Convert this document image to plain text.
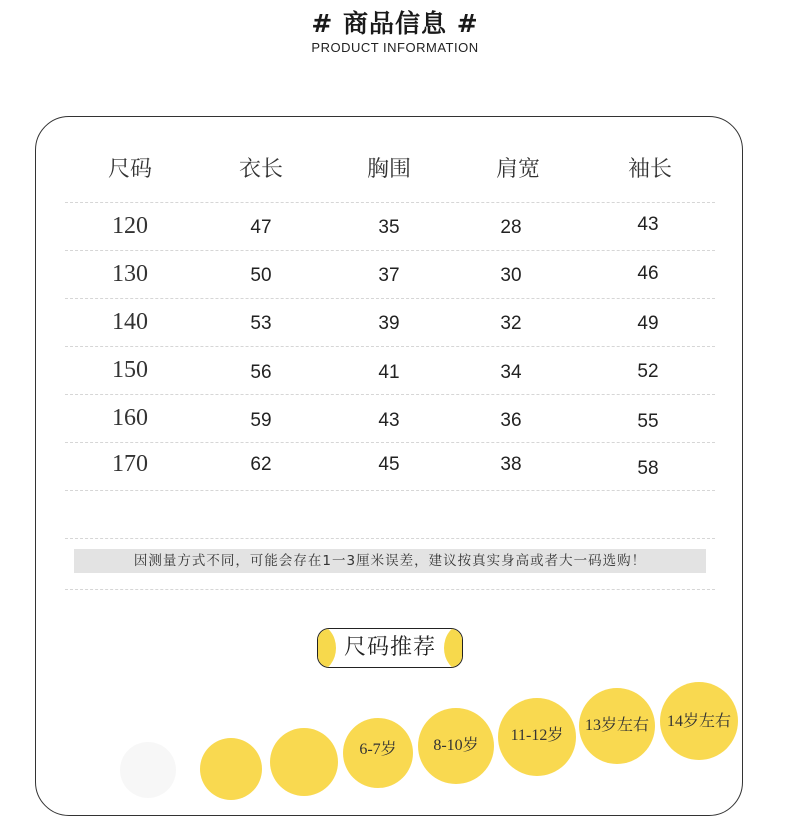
# 商品信息 #
PRODUCT INFORMATION
尺码	衣长	胸围	肩宽	袖长
120	47	35	28	43
130	50	37	30	46
140	53	39	32	49
150	56	41	34	52
160	59	43	36	55
170	62	45	38	58
因测量方式不同，可能会存在1一3厘米误差，建议按真实身高或者大一码选购！
尺码推荐
6-7岁	8-10岁
11-12岁
13岁左右	14岁左右
